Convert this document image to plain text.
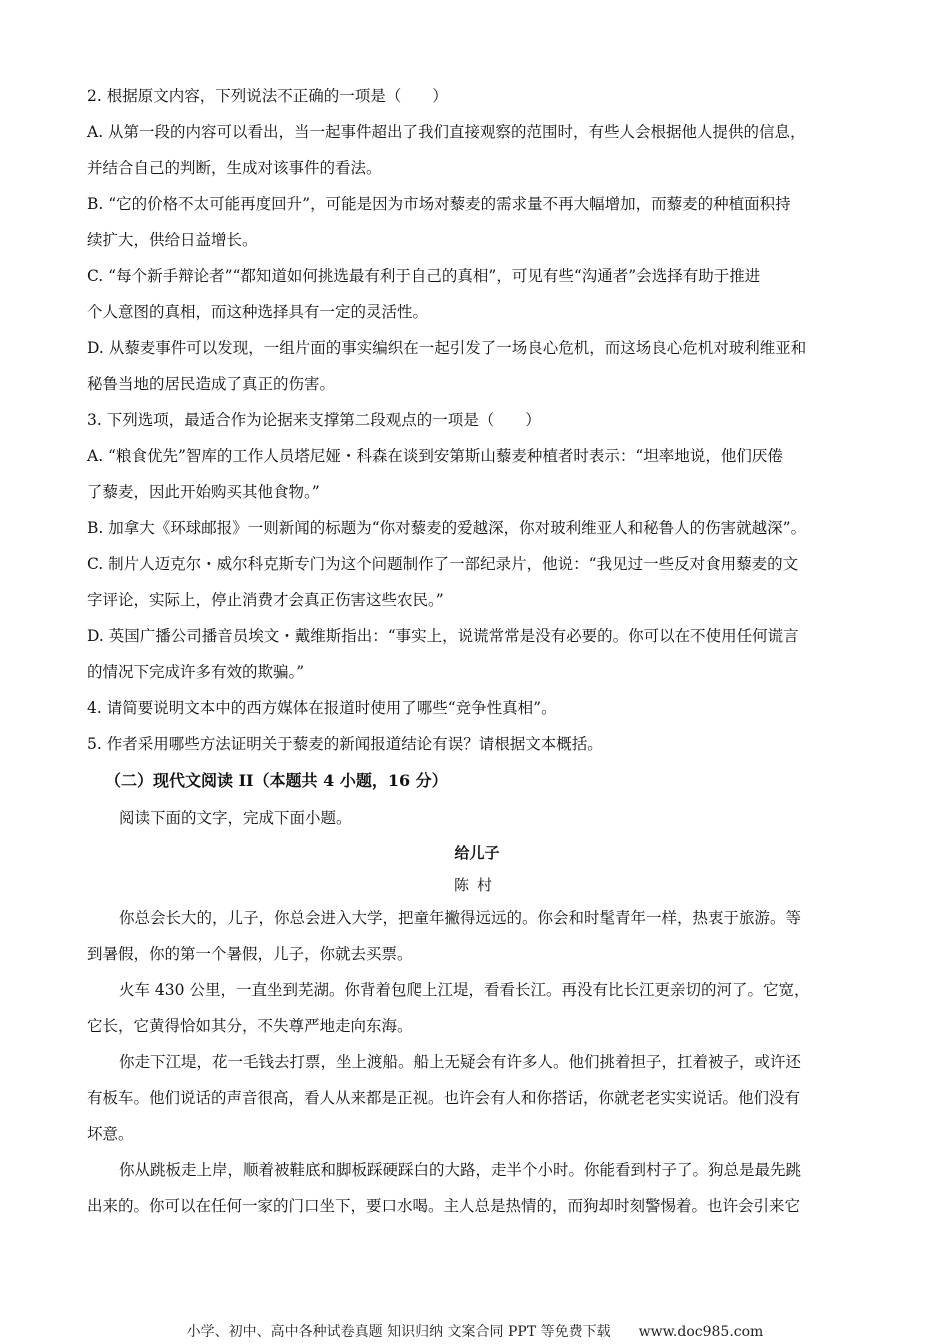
2. 根据原文内容，下列说法不正确的一项是（　　）
A. 从第一段的内容可以看出，当一起事件超出了我们直接观察的范围时，有些人会根据他人提供的信息，
并结合自己的判断，生成对该事件的看法。
B. “它的价格不太可能再度回升”，可能是因为市场对藜麦的需求量不再大幅增加，而藜麦的种植面积持
续扩大，供给日益增长。
C. “每个新手辩论者”“都知道如何挑选最有利于自己的真相”，可见有些“沟通者”会选择有助于推进
个人意图的真相，而这种选择具有一定的灵活性。
D. 从藜麦事件可以发现，一组片面的事实编织在一起引发了一场良心危机，而这场良心危机对玻利维亚和
秘鲁当地的居民造成了真正的伤害。
3. 下列选项，最适合作为论据来支撑第二段观点的一项是（　　）
A. “粮食优先”智库的工作人员塔尼娅・科森在谈到安第斯山藜麦种植者时表示：“坦率地说，他们厌倦
了藜麦，因此开始购买其他食物。”
B. 加拿大《环球邮报》一则新闻的标题为“你对藜麦的爱越深，你对玻利维亚人和秘鲁人的伤害就越深”。
C. 制片人迈克尔・威尔科克斯专门为这个问题制作了一部纪录片，他说：“我见过一些反对食用藜麦的文
字评论，实际上，停止消费才会真正伤害这些农民。”
D. 英国广播公司播音员埃文・戴维斯指出：“事实上，说谎常常是没有必要的。你可以在不使用任何谎言
的情况下完成许多有效的欺骗。”
4. 请简要说明文本中的西方媒体在报道时使用了哪些“竞争性真相”。
5. 作者采用哪些方法证明关于藜麦的新闻报道结论有误？请根据文本概括。
（二）现代文阅读 II（本题共 4 小题，16 分）
阅读下面的文字，完成下面小题。
给儿子
陈村
你总会长大的，儿子，你总会进入大学，把童年撇得远远的。你会和时髦青年一样，热衷于旅游。等
到暑假，你的第一个暑假，儿子，你就去买票。
火车 430 公里，一直坐到芜湖。你背着包爬上江堤，看看长江。再没有比长江更亲切的河了。它宽，
它长，它黄得恰如其分，不失尊严地走向东海。
你走下江堤，花一毛钱去打票，坐上渡船。船上无疑会有许多人。他们挑着担子，扛着被子，或许还
有板车。他们说话的声音很高，看人从来都是正视。也许会有人和你搭话，你就老老实实说话。他们没有
坏意。
你从跳板走上岸，顺着被鞋底和脚板踩硬踩白的大路，走半个小时。你能看到村子了。狗总是最先跳
出来的。你可以在任何一家的门口坐下，要口水喝。主人总是热情的，而狗却时刻警惕着。也许会引来它
小学、初中、高中各种试卷真题 知识归纳 文案合同 PPT 等免费下载　　www.doc985.com
